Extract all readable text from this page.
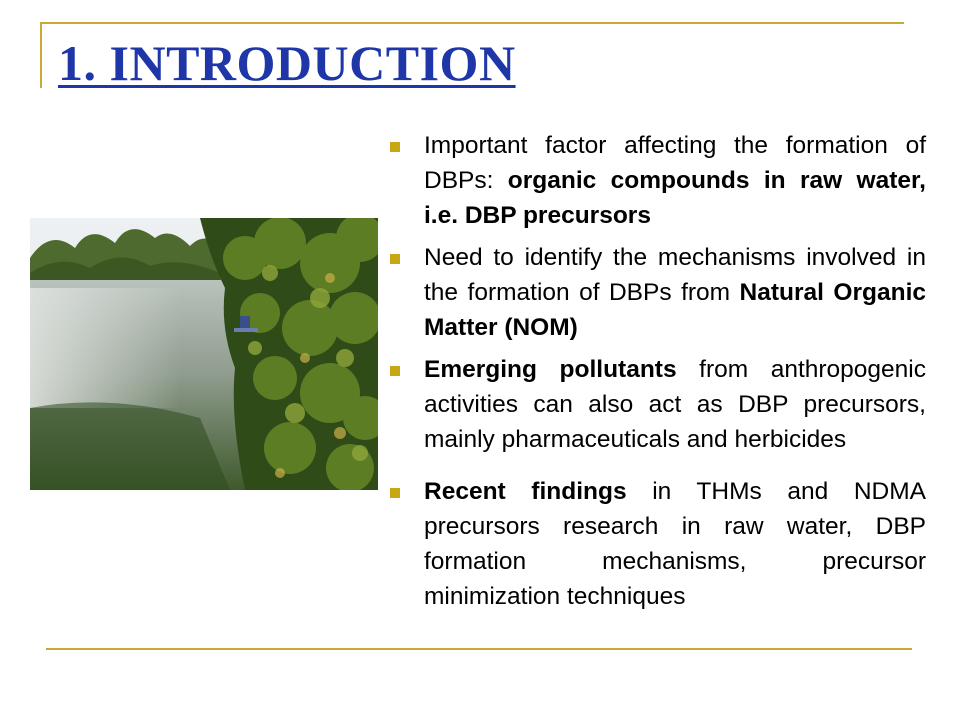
1. INTRODUCTION
Important factor affecting the formation of DBPs: organic compounds in raw water, i.e. DBP precursors
Need to identify the mechanisms involved in the formation of DBPs from Natural Organic Matter (NOM)
Emerging pollutants from anthropogenic activities can also act as DBP precursors, mainly pharmaceuticals and herbicides
Recent findings in THMs and NDMA precursors research in raw water, DBP formation mechanisms, precursor minimization techniques
